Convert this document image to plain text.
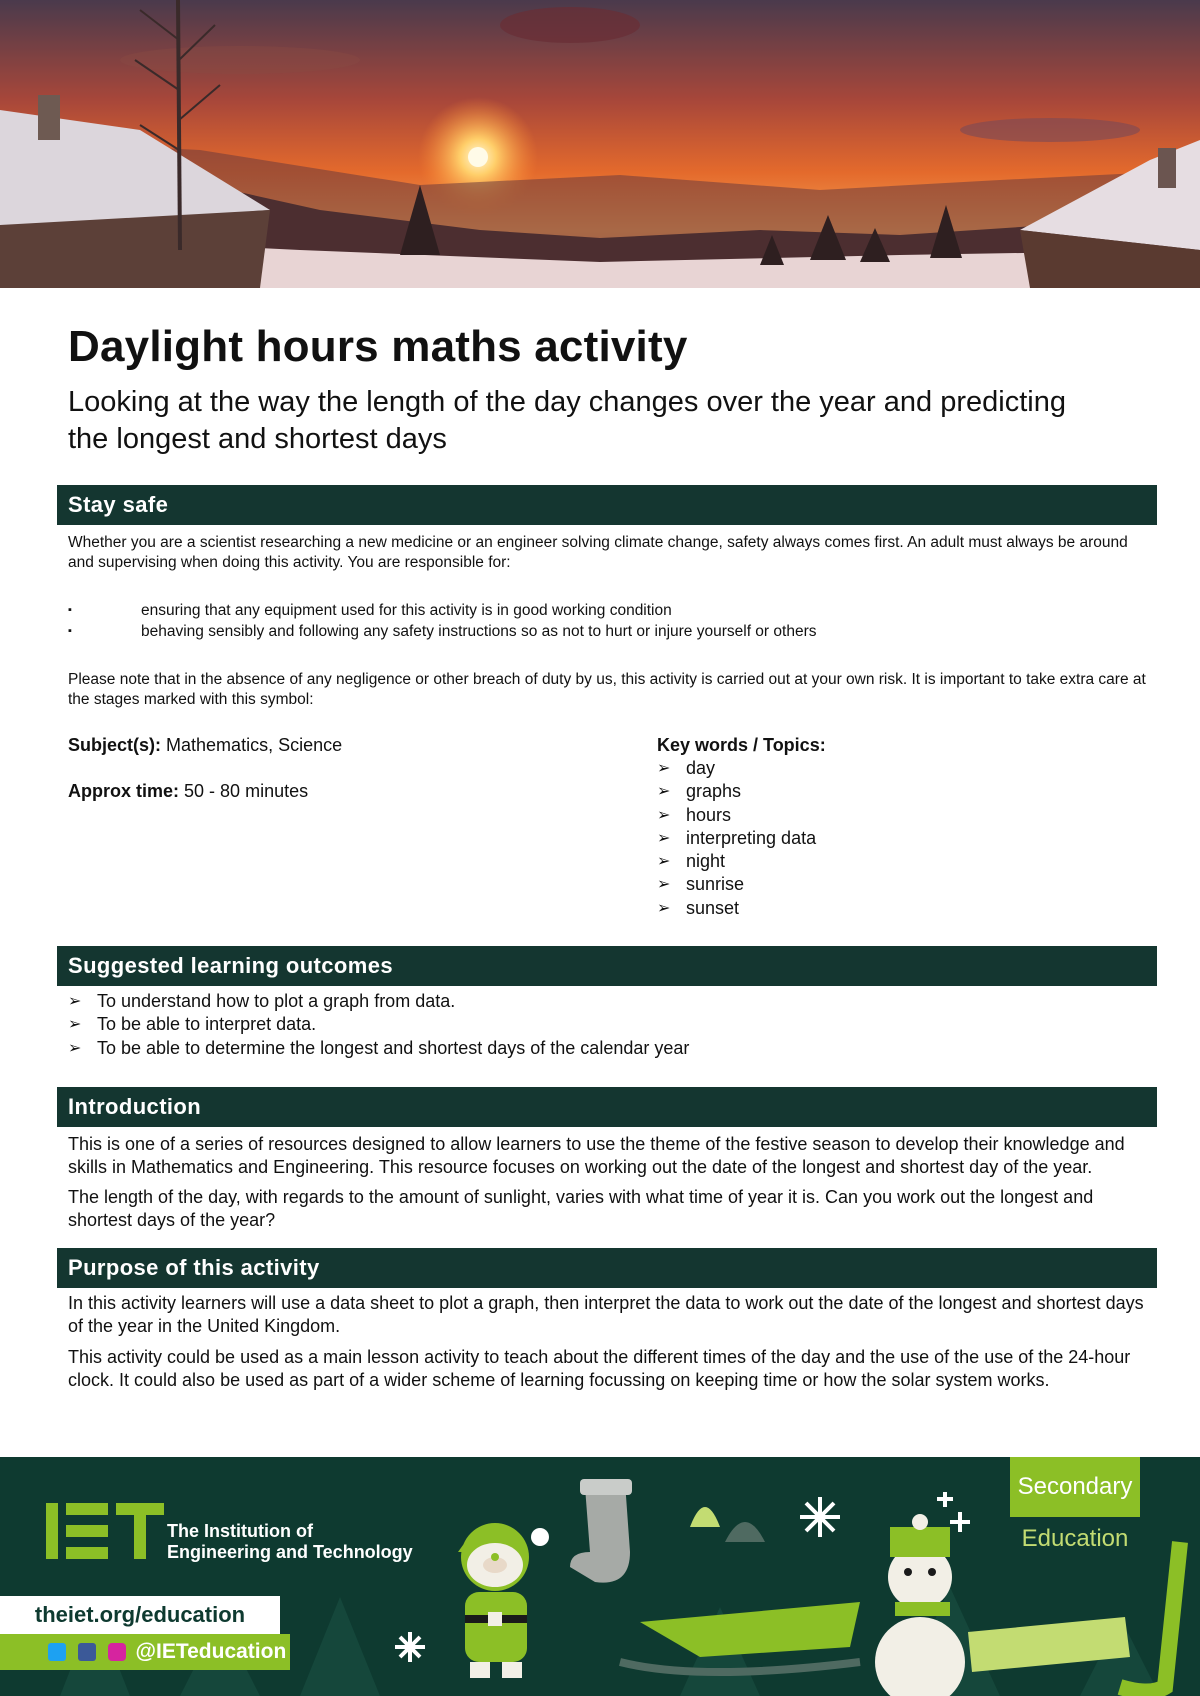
Daylight hours maths activity
Looking at the way the length of the day changes over the year and predicting the longest and shortest days
Stay safe

Whether you are a scientist researching a new medicine or an engineer solving climate change, safety always comes first. An adult must always be around and supervising when doing this activity. You are responsible for:

▪ ensuring that any equipment used for this activity is in good working condition
▪ behaving sensibly and following any safety instructions so as not to hurt or injure yourself or others

Please note that in the absence of any negligence or other breach of duty by us, this activity is carried out at your own risk. It is important to take extra care at the stages marked with this symbol:

Subject(s): Mathematics, Science
Approx time: 50 - 80 minutes
Key words / Topics:
➢ day
➢ graphs
➢ hours
➢ interpreting data
➢ night
➢ sunrise
➢ sunset
Suggested learning outcomes
➢ To understand how to plot a graph from data.
➢ To be able to interpret data.
➢ To be able to determine the longest and shortest days of the calendar year
Introduction

This is one of a series of resources designed to allow learners to use the theme of the festive season to develop their knowledge and skills in Mathematics and Engineering. This resource focuses on working out the date of the longest and shortest day of the year.

The length of the day, with regards to the amount of sunlight, varies with what time of year it is. Can you work out the longest and shortest days of the year?

Purpose of this activity

In this activity learners will use a data sheet to plot a graph, then interpret the data to work out the date of the longest and shortest days of the year in the United Kingdom.

This activity could be used as a main lesson activity to teach about the different times of the day and the use of the use of the 24-hour clock. It could also be used as part of a wider scheme of learning focussing on keeping time or how the solar system works.

The Institution of
Engineering and Technology
theiet.org/education
@IETeducation
Secondary
Education
